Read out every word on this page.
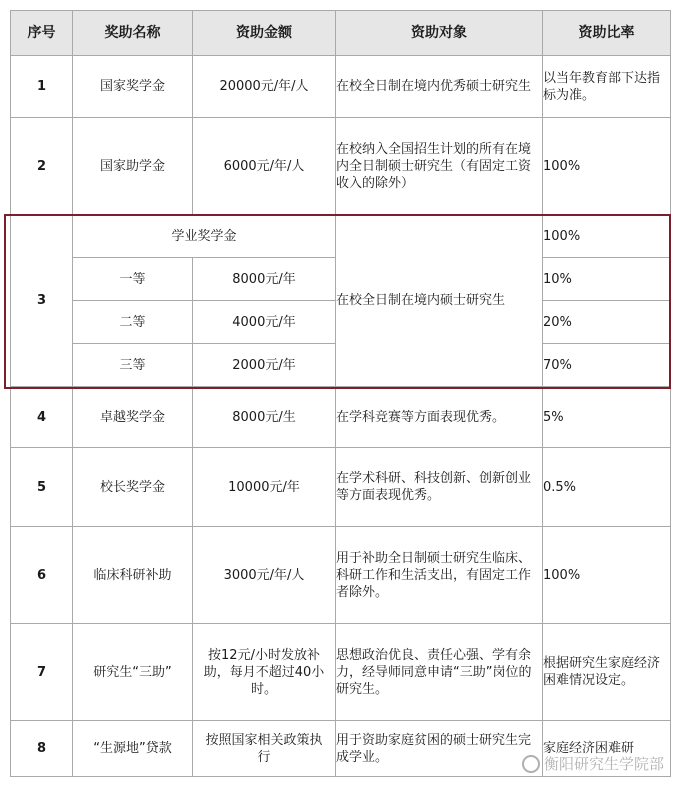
序号	奖助名称	资助金额	资助对象	资助比率
1	国家奖学金	20000元/年/人	在校全日制在境内优秀硕士研究生	以当年教育部下达指标为准。
2	国家助学金	6000元/年/人	在校纳入全国招生计划的所有在境内全日制硕士研究生（有固定工资收入的除外）	100%
3	学业奖学金		在校全日制在境内硕士研究生	100%
	一等	8000元/年		10%
	二等	4000元/年		20%
	三等	2000元/年		70%
4	卓越奖学金	8000元/生	在学科竞赛等方面表现优秀。	5%
5	校长奖学金	10000元/年	在学术科研、科技创新、创新创业等方面表现优秀。	0.5%
6	临床科研补助	3000元/年/人	用于补助全日制硕士研究生临床、科研工作和生活支出，有固定工作者除外。	100%
7	研究生“三助”	按12元/小时发放补助，每月不超过40小时。	思想政治优良、责任心强、学有余力，经导师同意申请“三助”岗位的研究生。	根据研究生家庭经济困难情况设定。
8	“生源地”贷款	按照国家相关政策执行	用于资助家庭贫困的硕士研究生完成学业。	家庭经济困难研
衡阳研究生学院部
